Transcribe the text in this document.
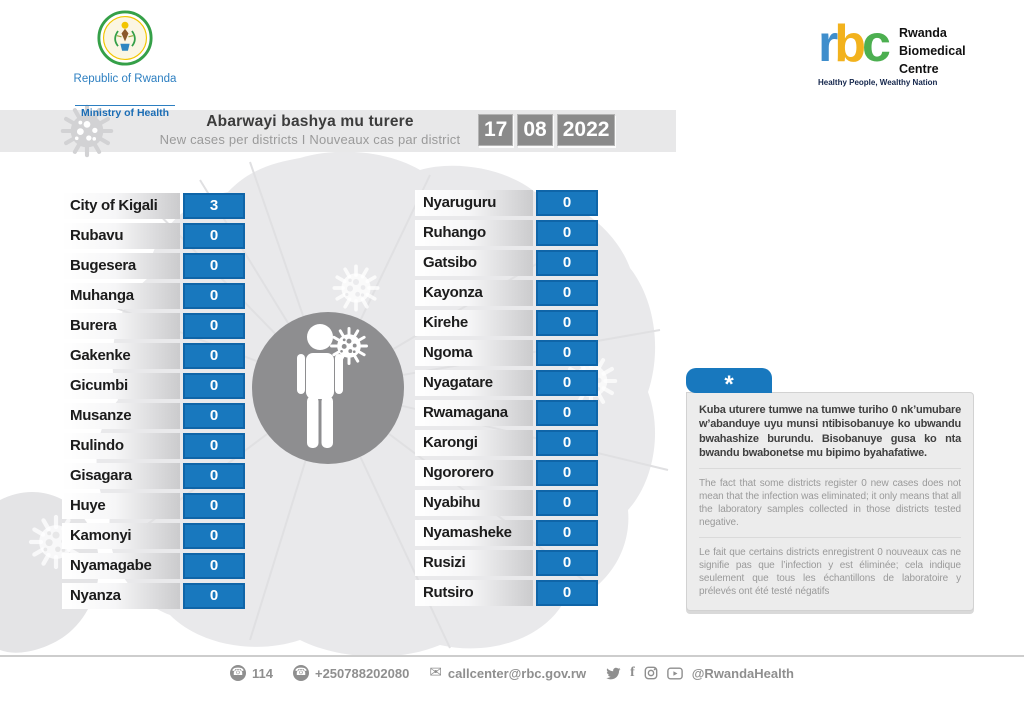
Republic of Rwanda

Ministry of Health
rbc
Healthy People, Wealthy Nation
Rwanda
Biomedical
Centre
Abarwayi bashya mu turere
New cases per districts I Nouveaux cas par district	17 08 2022
City of Kigali	3
Rubavu	0
Bugesera	0
Muhanga	0
Burera	0
Gakenke	0
Gicumbi	0
Musanze	0
Rulindo	0
Gisagara	0
Huye	0
Kamonyi	0
Nyamagabe	0
Nyanza	0
Nyaruguru	0
Ruhango	0
Gatsibo	0
Kayonza	0
Kirehe	0
Ngoma	0
Nyagatare	0
Rwamagana	0
Karongi	0
Ngororero	0
Nyabihu	0
Nyamasheke	0
Rusizi	0
Rutsiro	0
*
Kuba uturere tumwe na tumwe turiho 0 nk’umubare w’abanduye uyu munsi ntibisobanuye ko ubwandu bwahashize burundu. Bisobanuye gusa ko nta bwandu bwabonetse mu bipimo byahafatiwe.
The fact that some districts register 0 new cases does not mean that the infection was eliminated; it only means that all the laboratory samples collected in those districts tested negative.
Le fait que certains districts enregistrent 0 nouveaux cas ne signifie pas que l’infection y est éliminée; cela indique seulement que tous les échantillons de laboratoire y prélevés ont été testé négatifs
☎ 114 ☎ +250788202080 ✉ callcenter@rbc.gov.rw	f	@RwandaHealth
